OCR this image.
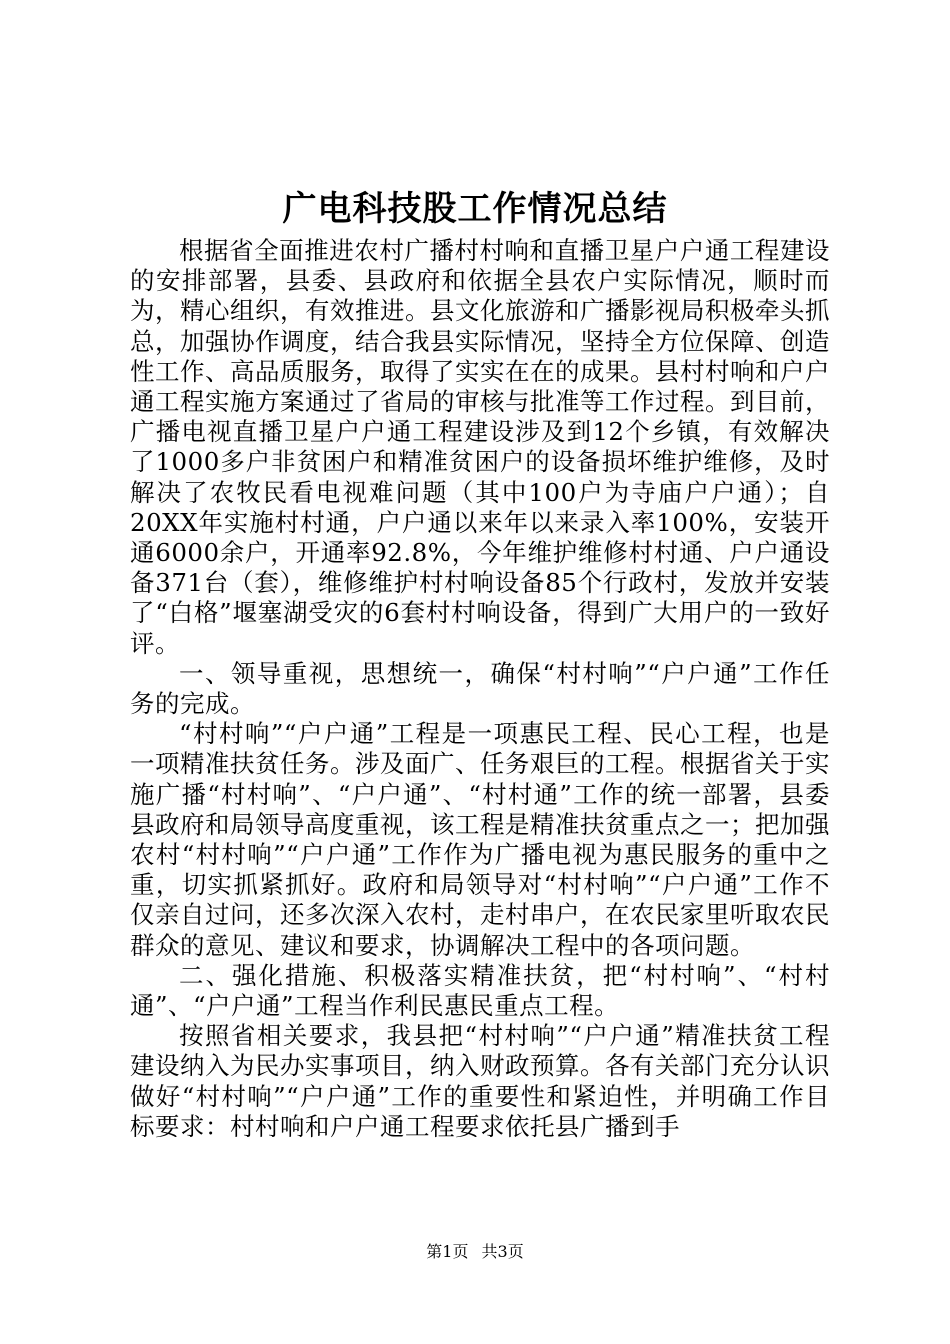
广电科技股工作情况总结

根据省全面推进农村广播村村响和直播卫星户户通工程建设的安排部署，县委、县政府和依据全县农户实际情况，顺时而为，精心组织，有效推进。县文化旅游和广播影视局积极牵头抓总，加强协作调度，结合我县实际情况，坚持全方位保障、创造性工作、高品质服务，取得了实实在在的成果。县村村响和户户通工程实施方案通过了省局的审核与批准等工作过程。到目前，广播电视直播卫星户户通工程建设涉及到12个乡镇，有效解决了1000多户非贫困户和精准贫困户的设备损坏维护维修，及时解决了农牧民看电视难问题（其中100户为寺庙户户通）；自20XX年实施村村通，户户通以来年以来录入率100%，安装开通6000余户，开通率92.8%，今年维护维修村村通、户户通设备371台（套），维修维护村村响设备85个行政村，发放并安装了“白格”堰塞湖受灾的6套村村响设备，得到广大用户的一致好评。

一、领导重视，思想统一，确保“村村响”“户户通”工作任务的完成。

“村村响”“户户通”工程是一项惠民工程、民心工程，也是一项精准扶贫任务。涉及面广、任务艰巨的工程。根据省关于实施广播“村村响”、“户户通”、“村村通”工作的统一部署，县委县政府和局领导高度重视，该工程是精准扶贫重点之一；把加强农村“村村响”“户户通”工作作为广播电视为惠民服务的重中之重，切实抓紧抓好。政府和局领导对“村村响”“户户通”工作不仅亲自过问，还多次深入农村，走村串户，在农民家里听取农民群众的意见、建议和要求，协调解决工程中的各项问题。

二、强化措施、积极落实精准扶贫，把“村村响”、“村村通”、“户户通”工程当作利民惠民重点工程。

按照省相关要求，我县把“村村响”“户户通”精准扶贫工程建设纳入为民办实事项目，纳入财政预算。各有关部门充分认识做好“村村响”“户户通”工作的重要性和紧迫性，并明确工作目标要求：村村响和户户通工程要求依托县广播到手

第1页 共3页
